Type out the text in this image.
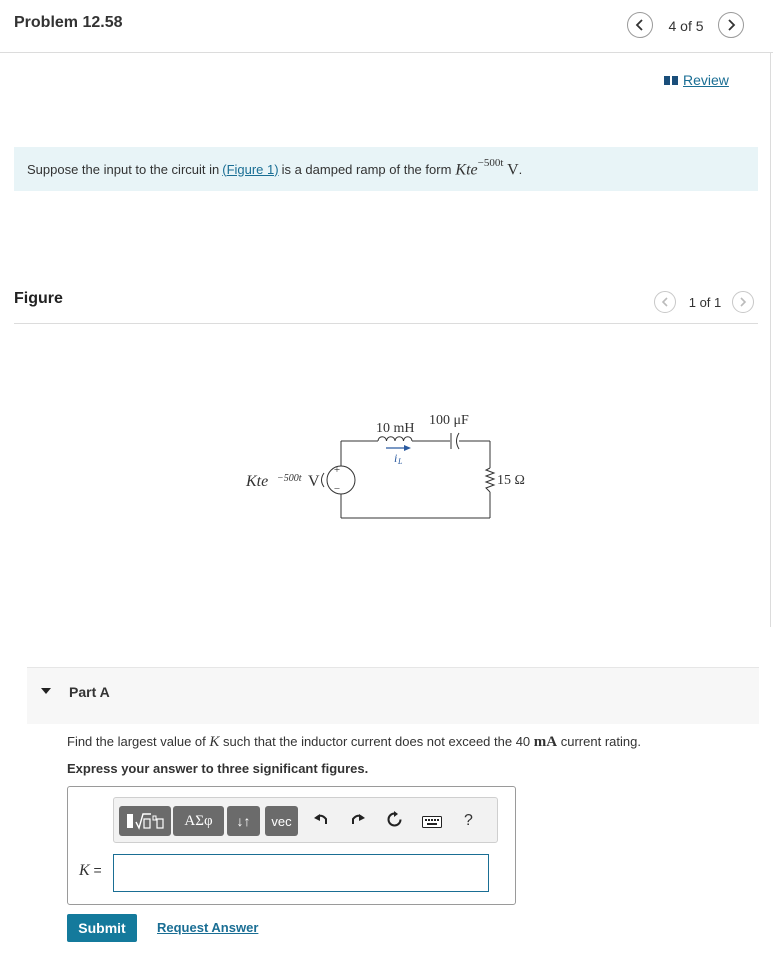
Problem 12.58	4 of 5
Review
Suppose the input to the circuit in (Figure 1) is a damped ramp of the form Kte$^{-500t}$ V .
Figure	1 of 1
+
−
Kte −500t V
10 mH
100 μF
i L
15 Ω
Part A
Find the largest value of K such that the inductor current does not exceed the 40 mA current rating.
Express your answer to three significant figures.
ΑΣφ	↓↑	vec	?
K =
Submit	Request Answer
